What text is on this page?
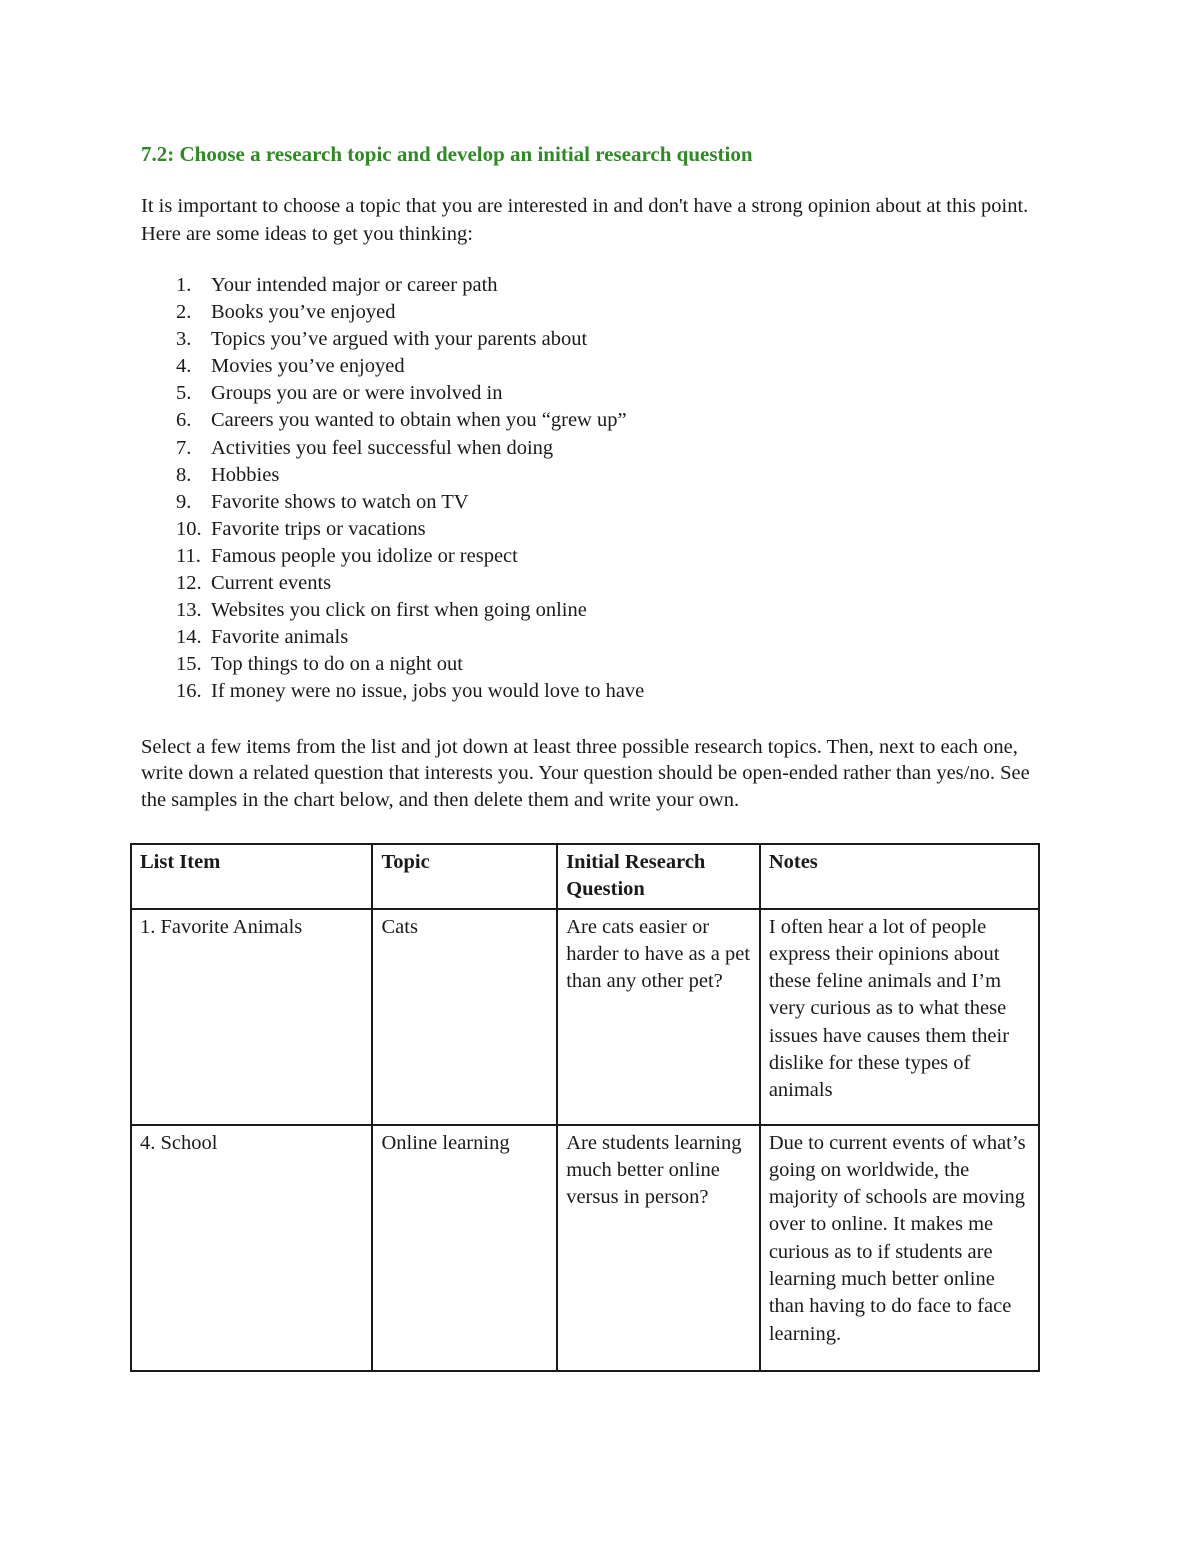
7.2: Choose a research topic and develop an initial research question
It is important to choose a topic that you are interested in and don't have a strong opinion about at this point. Here are some ideas to get you thinking:
1. Your intended major or career path
2. Books you’ve enjoyed
3. Topics you’ve argued with your parents about
4. Movies you’ve enjoyed
5. Groups you are or were involved in
6. Careers you wanted to obtain when you “grew up”
7. Activities you feel successful when doing
8. Hobbies
9. Favorite shows to watch on TV
10. Favorite trips or vacations
11. Famous people you idolize or respect
12. Current events
13. Websites you click on first when going online
14. Favorite animals
15. Top things to do on a night out
16. If money were no issue, jobs you would love to have
Select a few items from the list and jot down at least three possible research topics. Then, next to each one, write down a related question that interests you. Your question should be open-ended rather than yes/no. See the samples in the chart below, and then delete them and write your own.
List Item	Topic	Initial Research Question	Notes
1. Favorite Animals	Cats	Are cats easier or harder to have as a pet than any other pet?	I often hear a lot of people express their opinions about these feline animals and I’m very curious as to what these issues have causes them their dislike for these types of animals
4. School	Online learning	Are students learning much better online versus in person?	Due to current events of what’s going on worldwide, the majority of schools are moving over to online. It makes me curious as to if students are learning much better online than having to do face to face learning.
